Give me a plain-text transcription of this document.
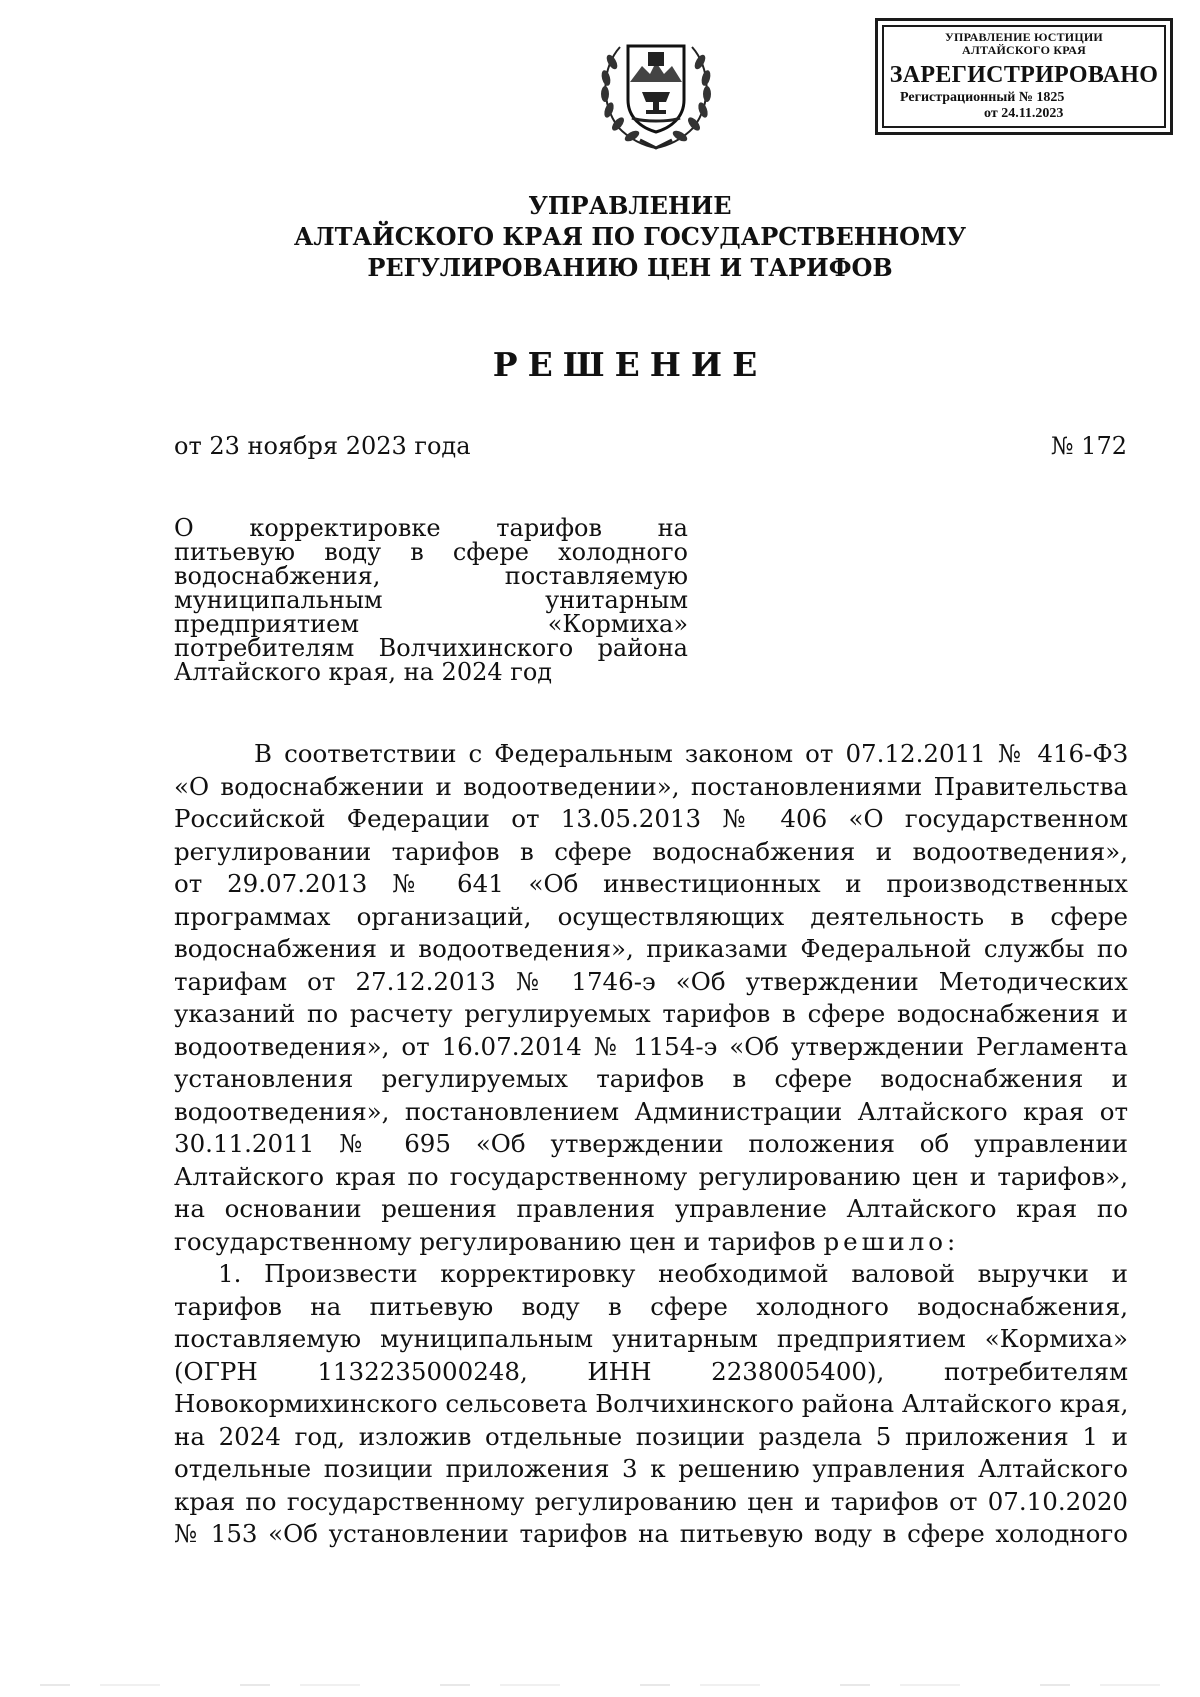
УПРАВЛЕНИЕ ЮСТИЦИИ
АЛТАЙСКОГО КРАЯ
ЗАРЕГИСТРИРОВАНО
Регистрационный № 1825
от 24.11.2023
УПРАВЛЕНИЕ
АЛТАЙСКОГО КРАЯ ПО ГОСУДАРСТВЕННОМУ
РЕГУЛИРОВАНИЮ ЦЕН И ТАРИФОВ
РЕШЕНИЕ
от 23 ноября 2023 года	№ 172
О корректировке тарифов на
питьевую воду в сфере холодного
водоснабжения, поставляемую
муниципальным унитарным
предприятием «Кормиха»
потребителям Волчихинского района
Алтайского края, на 2024 год
В соответствии с Федеральным законом от 07.12.2011 № 416-ФЗ
«О водоснабжении и водоотведении», постановлениями Правительства
Российской Федерации от 13.05.2013 № 406 «О государственном
регулировании тарифов в сфере водоснабжения и водоотведения»,
от 29.07.2013 № 641 «Об инвестиционных и производственных
программах организаций, осуществляющих деятельность в сфере
водоснабжения и водоотведения», приказами Федеральной службы по
тарифам от 27.12.2013 № 1746-э «Об утверждении Методических
указаний по расчету регулируемых тарифов в сфере водоснабжения и
водоотведения», от 16.07.2014 № 1154-э «Об утверждении Регламента
установления регулируемых тарифов в сфере водоснабжения и
водоотведения», постановлением Администрации Алтайского края от
30.11.2011 № 695 «Об утверждении положения об управлении
Алтайского края по государственному регулированию цен и тарифов»,
на основании решения правления управление Алтайского края по
государственному регулированию цен и тарифов решило:
1. Произвести корректировку необходимой валовой выручки и
тарифов на питьевую воду в сфере холодного водоснабжения,
поставляемую муниципальным унитарным предприятием «Кормиха»
(ОГРН 1132235000248, ИНН 2238005400), потребителям
Новокормихинского сельсовета Волчихинского района Алтайского края,
на 2024 год, изложив отдельные позиции раздела 5 приложения 1 и
отдельные позиции приложения 3 к решению управления Алтайского
края по государственному регулированию цен и тарифов от 07.10.2020
№ 153 «Об установлении тарифов на питьевую воду в сфере холодного
